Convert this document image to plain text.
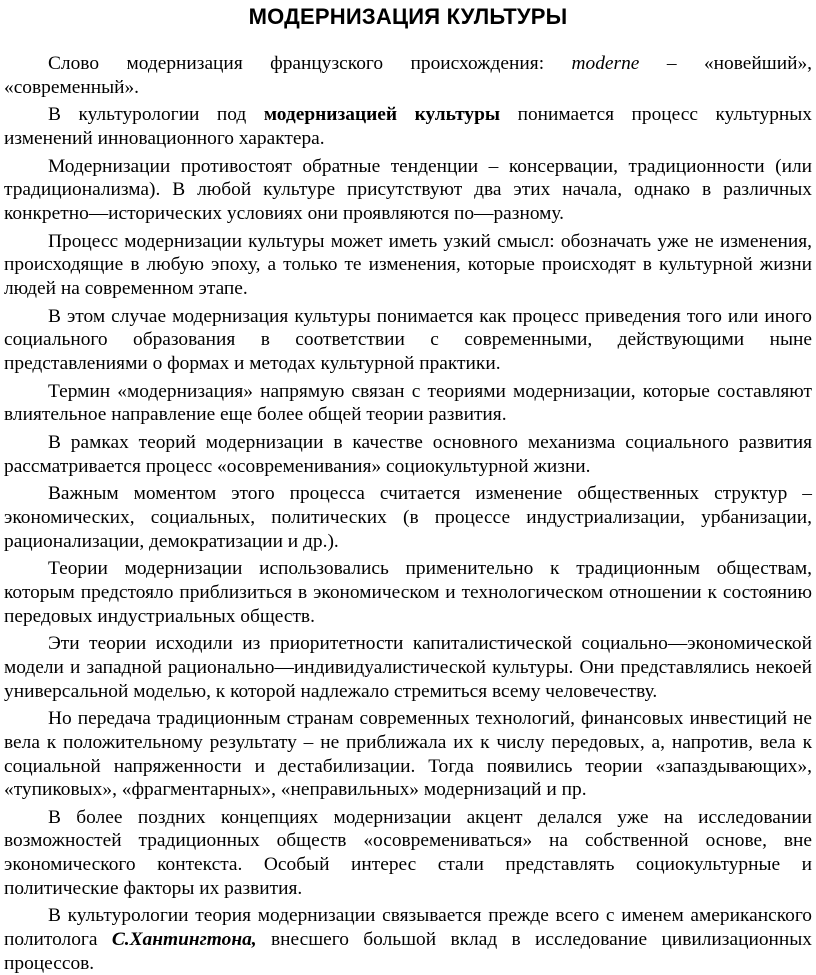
МОДЕРНИЗАЦИЯ КУЛЬТУРЫ

Слово модернизация французского происхождения: moderne – «новейший», «современный».

В культурологии под модернизацией культуры понимается процесс культурных изменений инновационного характера.

Модернизации противостоят обратные тенденции – консервации, традиционности (или традиционализма). В любой культуре присутствуют два этих начала, однако в различных конкретно—исторических условиях они проявляются по—разному.

Процесс модернизации культуры может иметь узкий смысл: обозначать уже не изменения, происходящие в любую эпоху, а только те изменения, которые происходят в культурной жизни людей на современном этапе.

В этом случае модернизация культуры понимается как процесс приведения того или иного социального образования в соответствии с современными, действующими ныне представлениями о формах и методах культурной практики.

Термин «модернизация» напрямую связан с теориями модернизации, которые составляют влиятельное направление еще более общей теории развития.

В рамках теорий модернизации в качестве основного механизма социального развития рассматривается процесс «осовременивания» социокультурной жизни.

Важным моментом этого процесса считается изменение общественных структур – экономических, социальных, политических (в процессе индустриализации, урбанизации, рационализации, демократизации и др.).

Теории модернизации использовались применительно к традиционным обществам, которым предстояло приблизиться в экономическом и технологическом отношении к состоянию передовых индустриальных обществ.

Эти теории исходили из приоритетности капиталистической социально—экономической модели и западной рационально—индивидуалистической культуры. Они представлялись некоей универсальной моделью, к которой надлежало стремиться всему человечеству.

Но передача традиционным странам современных технологий, финансовых инвестиций не вела к положительному результату – не приближала их к числу передовых, а, напротив, вела к социальной напряженности и дестабилизации. Тогда появились теории «запаздывающих», «тупиковых», «фрагментарных», «неправильных» модернизаций и пр.

В более поздних концепциях модернизации акцент делался уже на исследовании возможностей традиционных обществ «осовремениваться» на собственной основе, вне экономического контекста. Особый интерес стали представлять социокультурные и политические факторы их развития.

В культурологии теория модернизации связывается прежде всего с именем американского политолога С.Хантингтона, внесшего большой вклад в исследование цивилизационных процессов.
